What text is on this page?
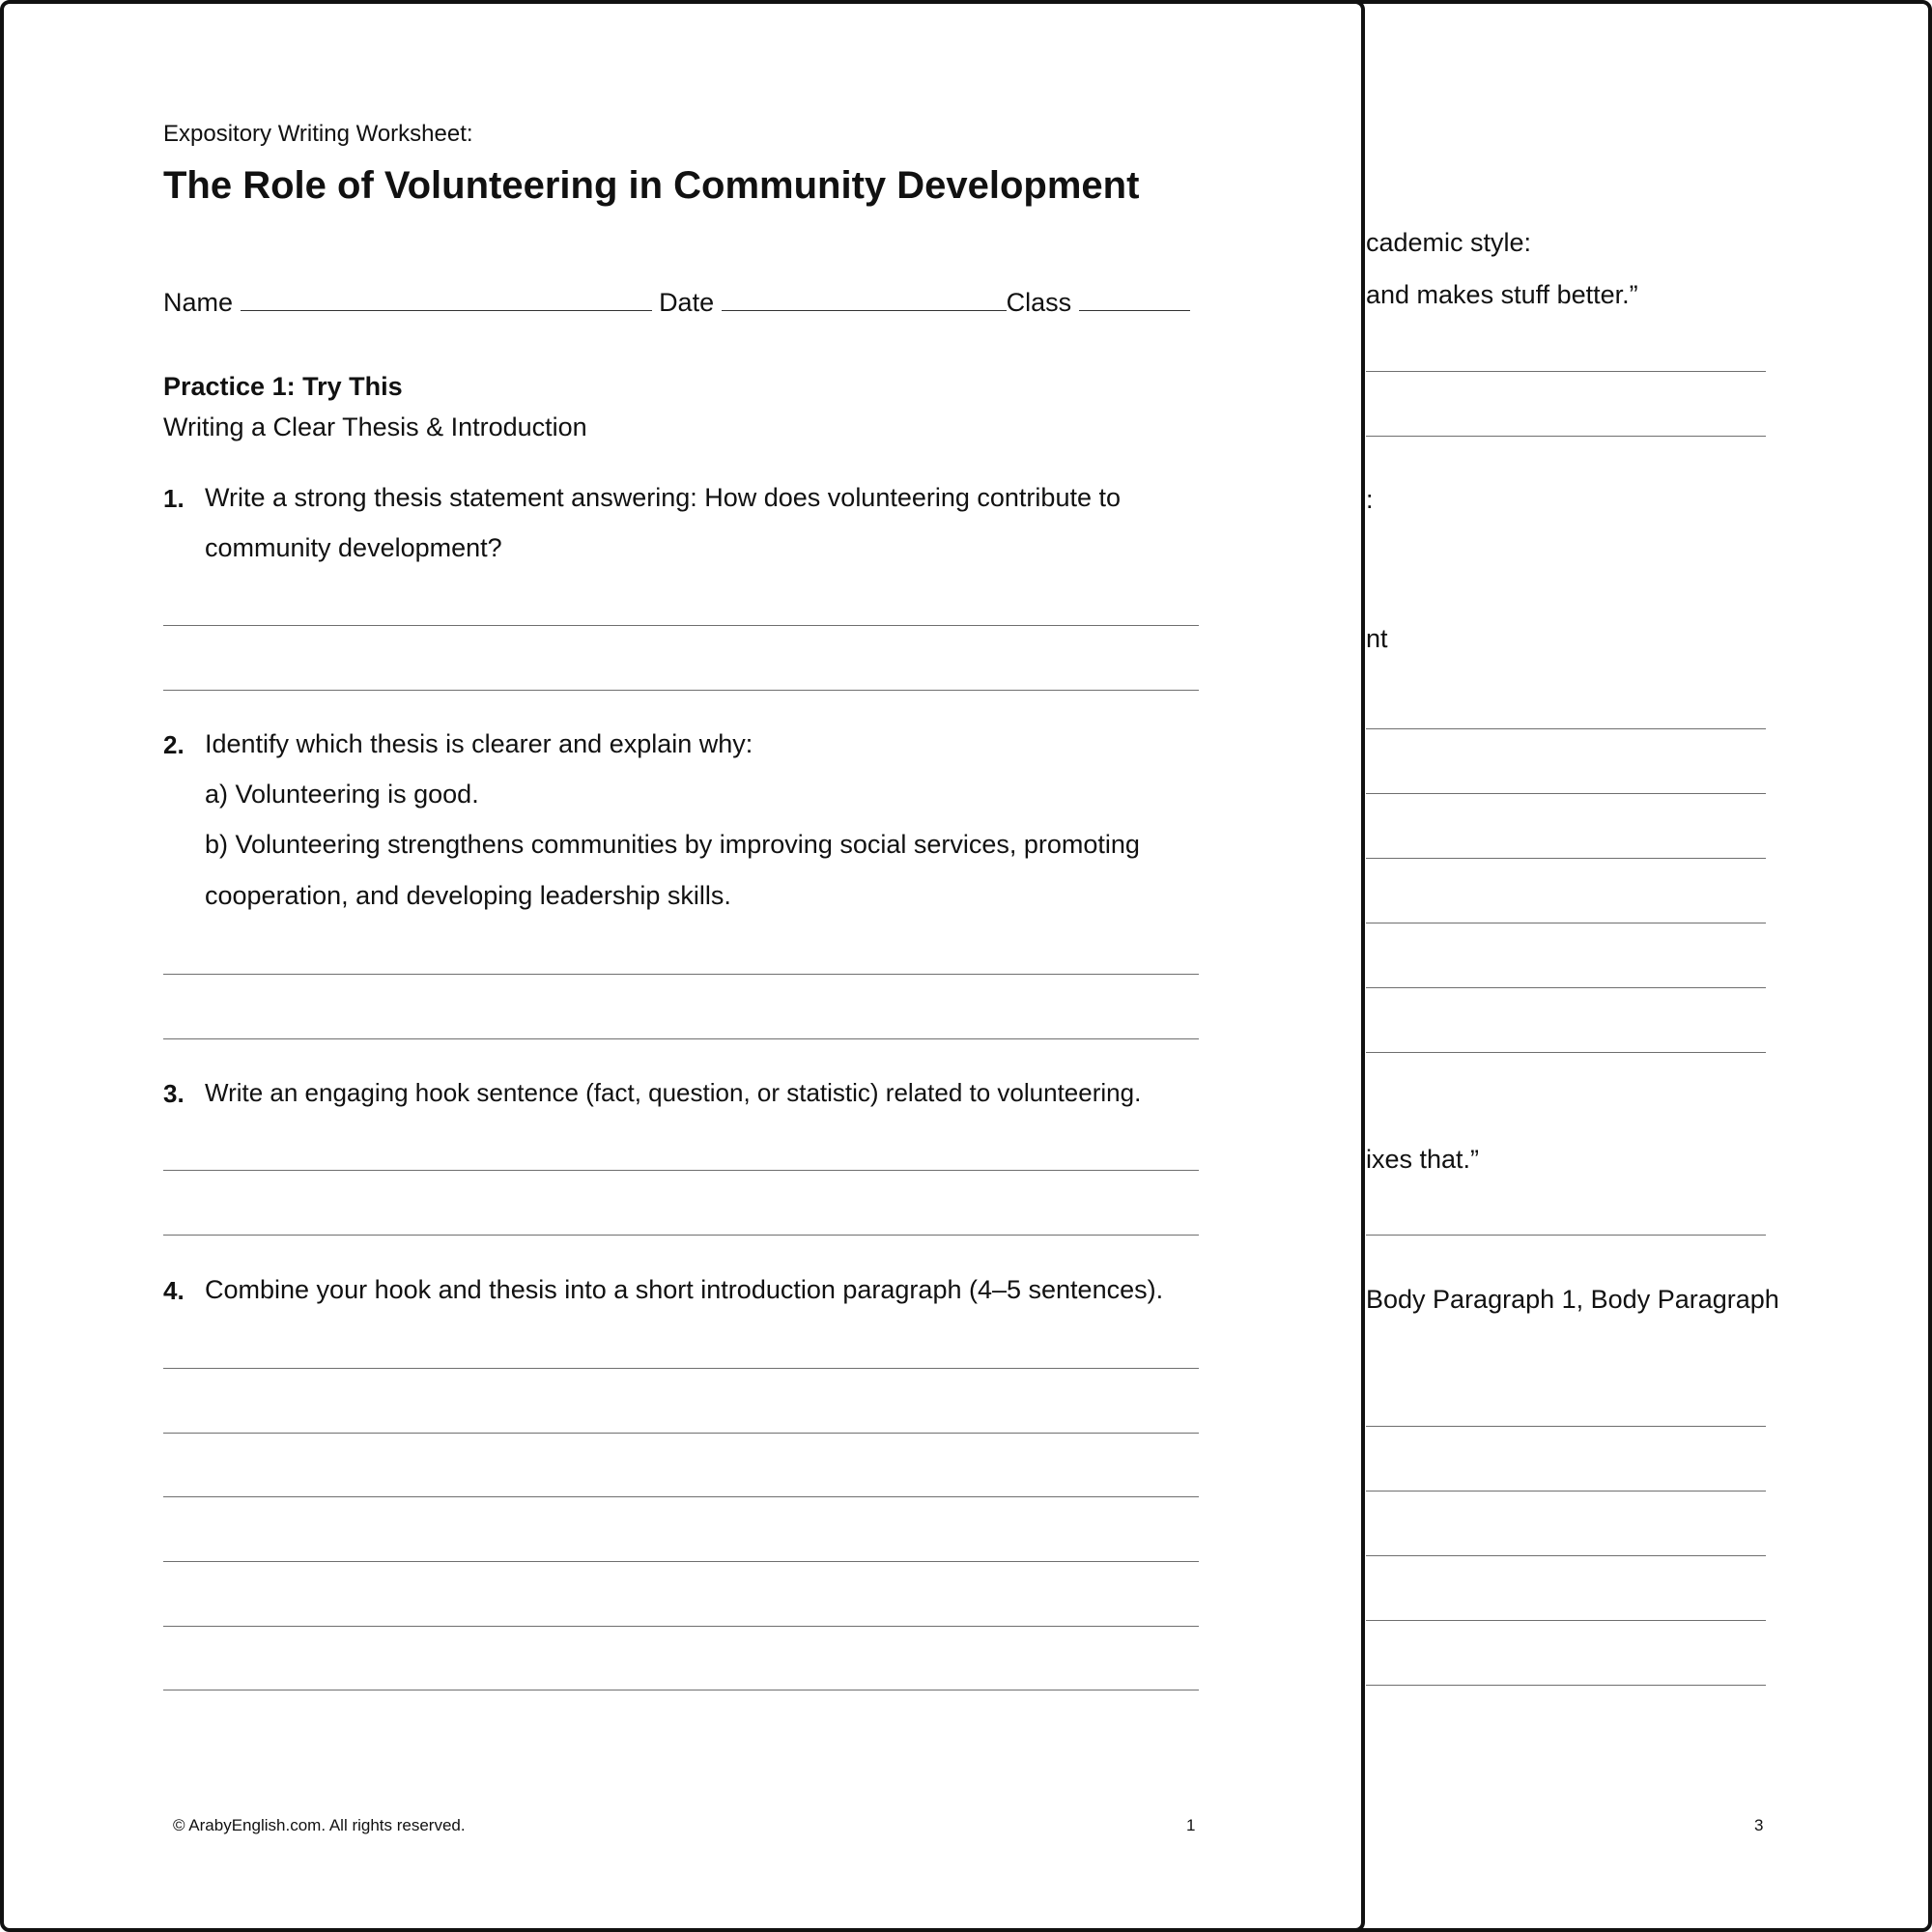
cademic style:
and makes stuff better.”
:
nt
ixes that.”
Body Paragraph 1, Body Paragraph
3
Expository Writing Worksheet:
The Role of Volunteering in Community Development
Name	Date	Class
Practice 1: Try This
Writing a Clear Thesis & Introduction
1. Write a strong thesis statement answering: How does volunteering contribute to
community development?
2. Identify which thesis is clearer and explain why:
a) Volunteering is good.
b) Volunteering strengthens communities by improving social services, promoting
cooperation, and developing leadership skills.
3. Write an engaging hook sentence (fact, question, or statistic) related to volunteering.
4. Combine your hook and thesis into a short introduction paragraph (4–5 sentences).
© ArabyEnglish.com. All rights reserved.	1
